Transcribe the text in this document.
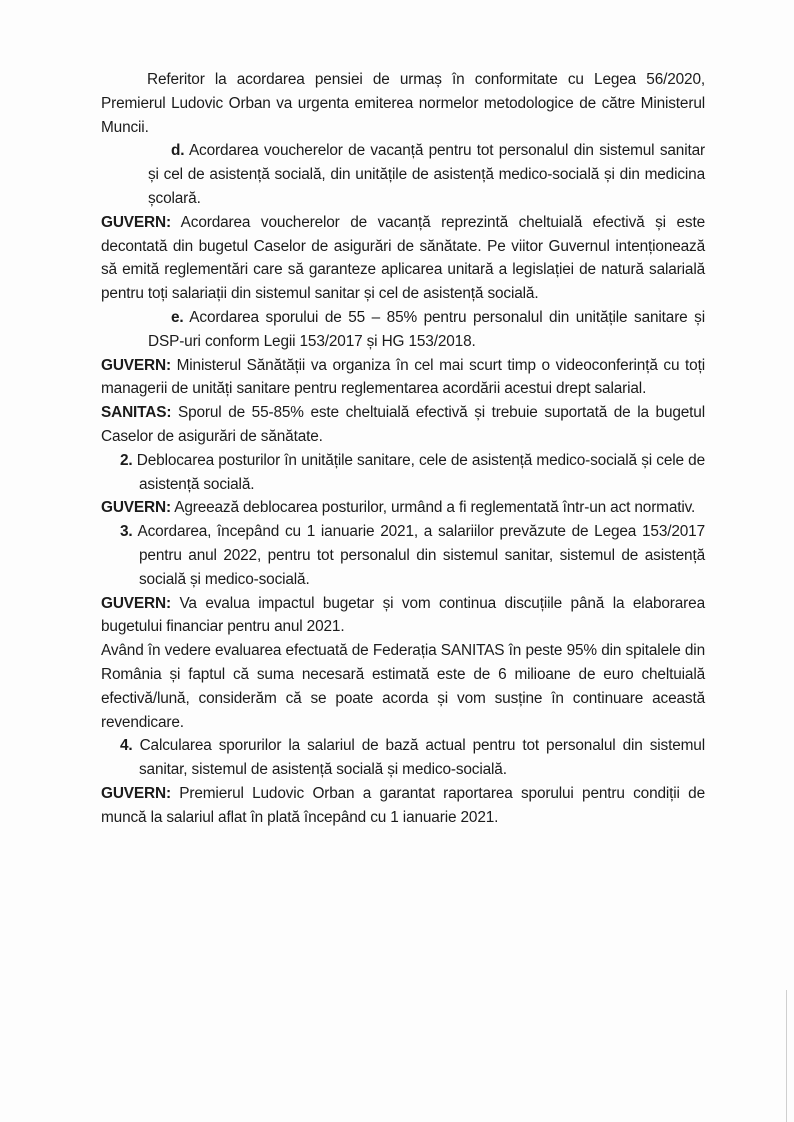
Referitor la acordarea pensiei de urmaș în conformitate cu Legea 56/2020, Premierul Ludovic Orban va urgenta emiterea normelor metodologice de către Ministerul Muncii.

d. Acordarea voucherelor de vacanță pentru tot personalul din sistemul sanitar și cel de asistență socială, din unitățile de asistență medico-socială și din medicina școlară.

GUVERN: Acordarea voucherelor de vacanță reprezintă cheltuială efectivă și este decontată din bugetul Caselor de asigurări de sănătate. Pe viitor Guvernul intenționează să emită reglementări care să garanteze aplicarea unitară a legislației de natură salarială pentru toți salariații din sistemul sanitar și cel de asistență socială.

e. Acordarea sporului de 55 – 85% pentru personalul din unitățile sanitare și DSP-uri conform Legii 153/2017 și HG 153/2018.

GUVERN: Ministerul Sănătății va organiza în cel mai scurt timp o videoconferință cu toți managerii de unități sanitare pentru reglementarea acordării acestui drept salarial.

SANITAS: Sporul de 55-85% este cheltuială efectivă și trebuie suportată de la bugetul Caselor de asigurări de sănătate.

2. Deblocarea posturilor în unitățile sanitare, cele de asistență medico-socială și cele de asistență socială.

GUVERN: Agreează deblocarea posturilor, urmând a fi reglementată într-un act normativ.

3. Acordarea, începând cu 1 ianuarie 2021, a salariilor prevăzute de Legea 153/2017 pentru anul 2022, pentru tot personalul din sistemul sanitar, sistemul de asistență socială și medico-socială.

GUVERN: Va evalua impactul bugetar și vom continua discuțiile până la elaborarea bugetului financiar pentru anul 2021.

Având în vedere evaluarea efectuată de Federația SANITAS în peste 95% din spitalele din România și faptul că suma necesară estimată este de 6 milioane de euro cheltuială efectivă/lună, considerăm că se poate acorda și vom susține în continuare această revendicare.

4. Calcularea sporurilor la salariul de bază actual pentru tot personalul din sistemul sanitar, sistemul de asistență socială și medico-socială.

GUVERN: Premierul Ludovic Orban a garantat raportarea sporului pentru condiții de muncă la salariul aflat în plată începând cu 1 ianuarie 2021.
